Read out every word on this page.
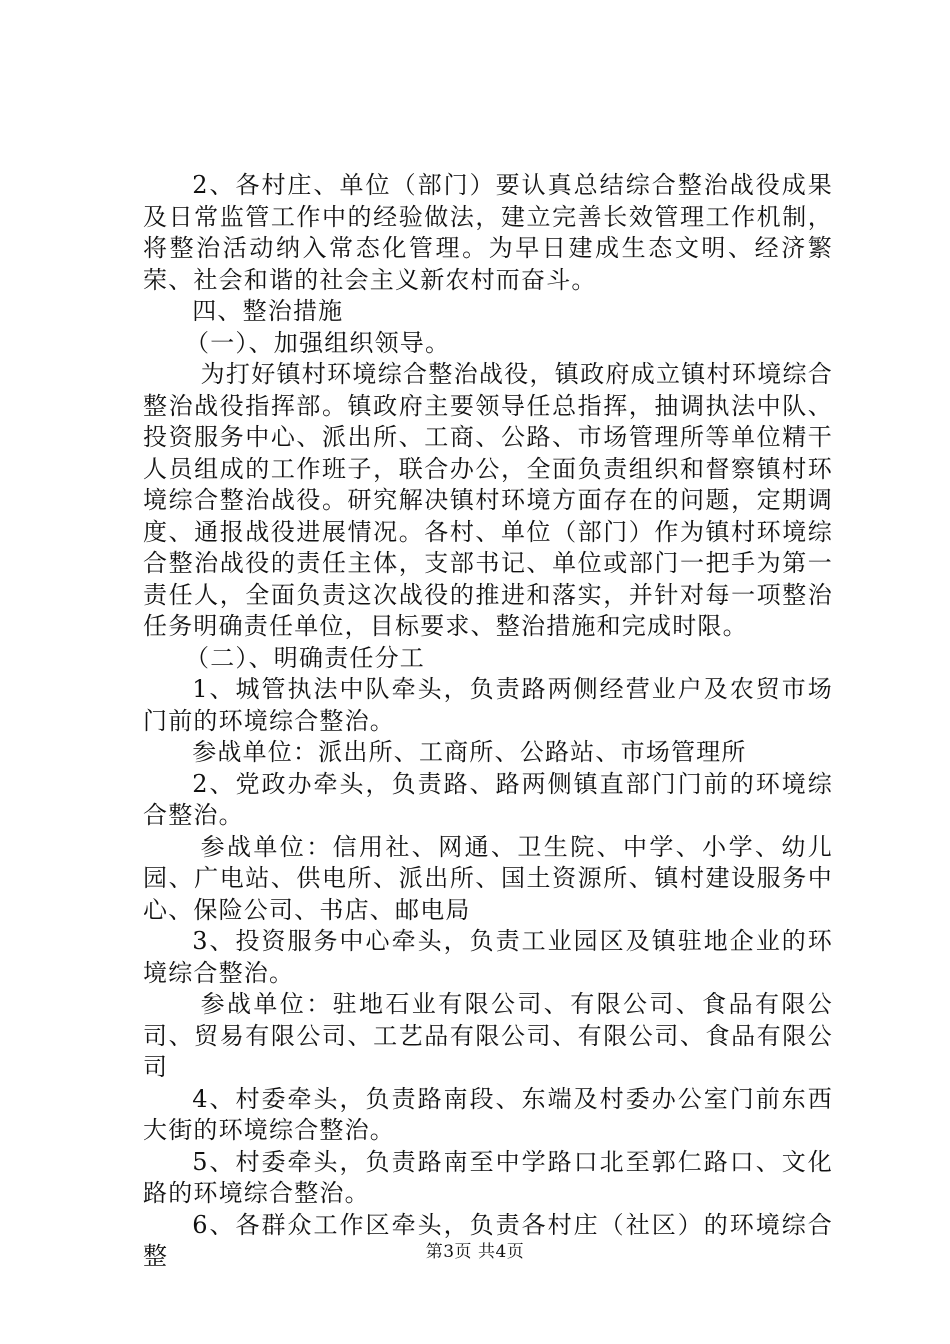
2、各村庄、单位（部门）要认真总结综合整治战役成果及日常监管工作中的经验做法，建立完善长效管理工作机制，将整治活动纳入常态化管理。为早日建成生态文明、经济繁荣、社会和谐的社会主义新农村而奋斗。

四、整治措施

（一）、加强组织领导。

为打好镇村环境综合整治战役，镇政府成立镇村环境综合整治战役指挥部。镇政府主要领导任总指挥，抽调执法中队、投资服务中心、派出所、工商、公路、市场管理所等单位精干人员组成的工作班子，联合办公，全面负责组织和督察镇村环境综合整治战役。研究解决镇村环境方面存在的问题，定期调度、通报战役进展情况。各村、单位（部门）作为镇村环境综合整治战役的责任主体，支部书记、单位或部门一把手为第一责任人，全面负责这次战役的推进和落实，并针对每一项整治任务明确责任单位，目标要求、整治措施和完成时限。

（二）、明确责任分工

1、城管执法中队牵头，负责路两侧经营业户及农贸市场门前的环境综合整治。

参战单位：派出所、工商所、公路站、市场管理所

2、党政办牵头，负责路、路两侧镇直部门门前的环境综合整治。

参战单位：信用社、网通、卫生院、中学、小学、幼儿园、广电站、供电所、派出所、国土资源所、镇村建设服务中心、保险公司、书店、邮电局

3、投资服务中心牵头，负责工业园区及镇驻地企业的环境综合整治。

参战单位：驻地石业有限公司、有限公司、食品有限公司、贸易有限公司、工艺品有限公司、有限公司、食品有限公司

4、村委牵头，负责路南段、东端及村委办公室门前东西大街的环境综合整治。

5、村委牵头，负责路南至中学路口北至郭仁路口、文化路的环境综合整治。

6、各群众工作区牵头，负责各村庄（社区）的环境综合整	第3页 共4页
